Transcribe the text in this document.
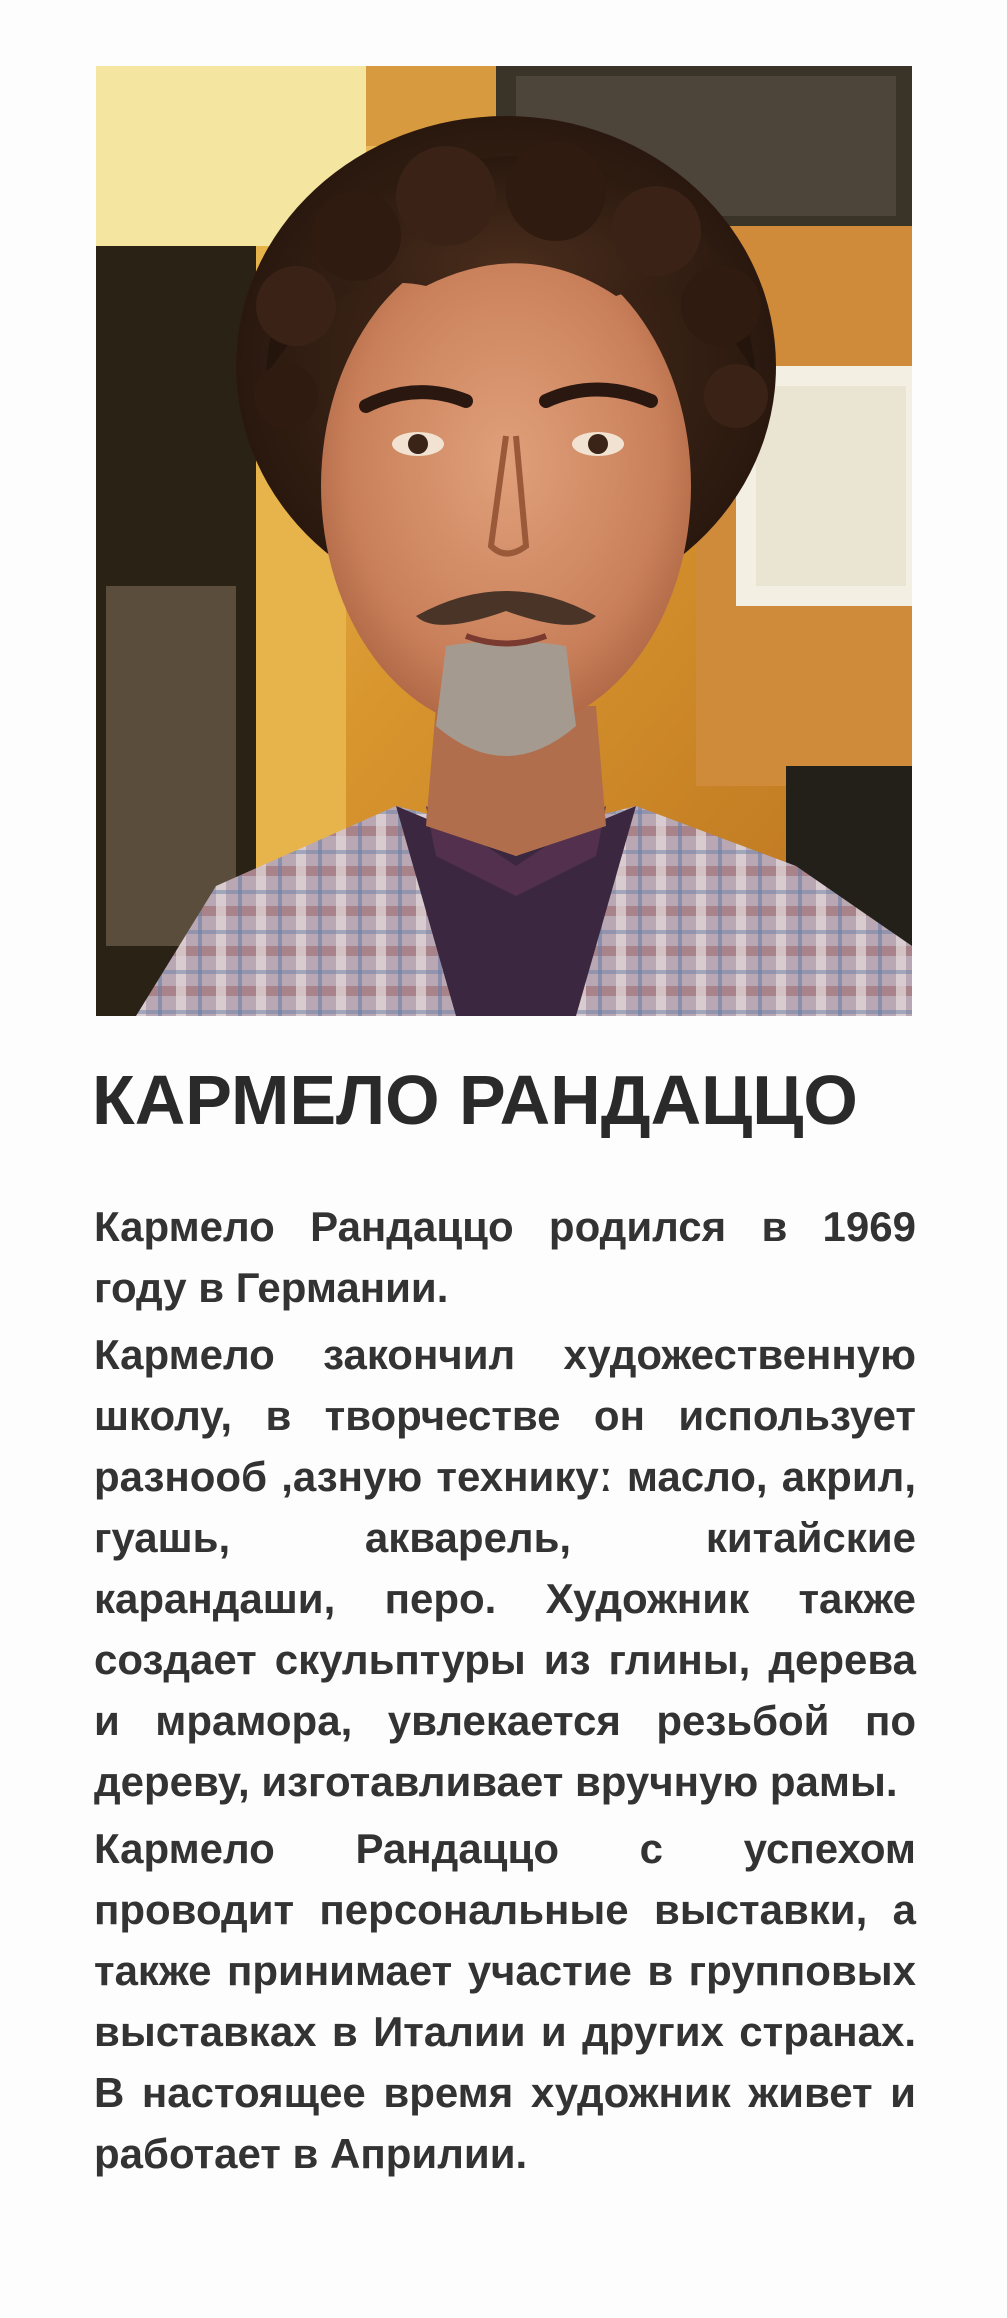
КАРМЕЛО РАНДАЦЦО

Кармело Рандаццо родился в 1969 году в Германии.

Кармело закончил художественную школу, в творчестве он использует разнооб ,азную техникуː масло, акрил, гуашь, акварель, китайские карандаши, перо. Художник также создает скульптуры из глины, дерева и мрамора, увлекается резьбой по дереву, изготавливает вручную рамы.

Кармело Рандаццо с успехом проводит персональные выставки, а также принимает участие в групповых выставках в Италии и других странах. В настоящее время художник живет и работает в Априлии.
